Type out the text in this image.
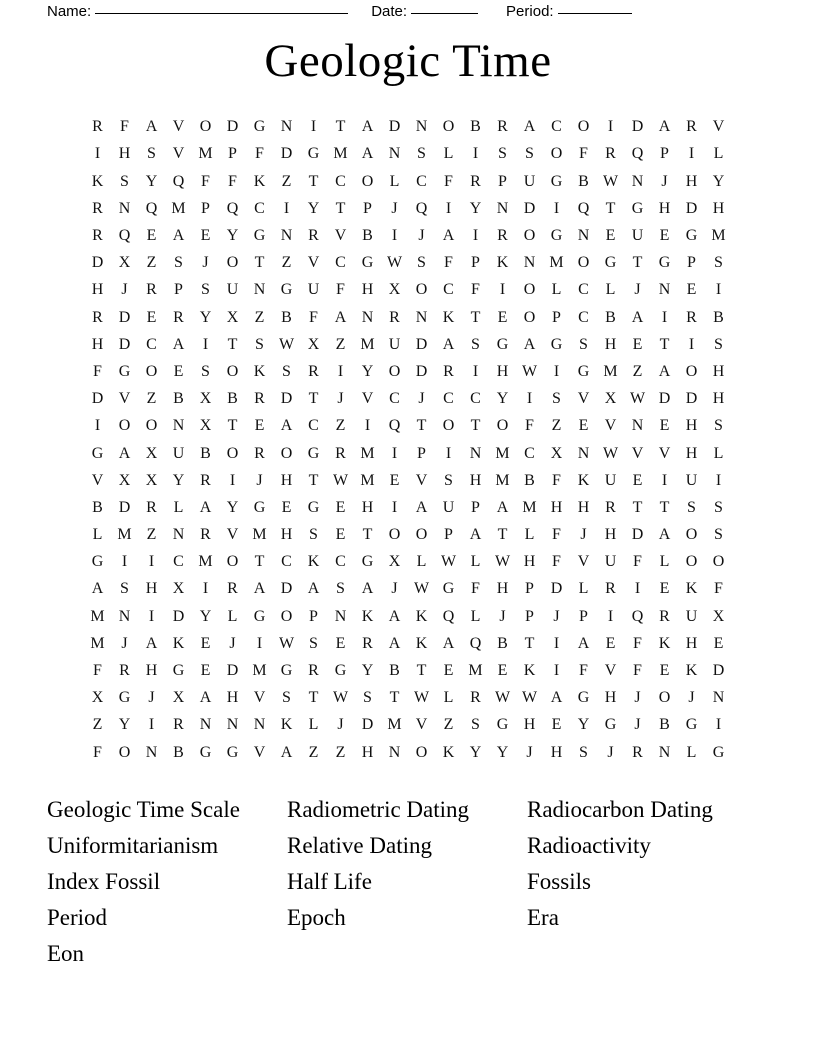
Name:	Date:	Period:
Geologic Time
R	F	A V O D G N	I	T	A D N O B	R A C O	I	D A R V
I	H	S	V M P	F	D G M A N	S	L	I	S	S	O	F	R Q	P	I	L
K	S	Y Q	F	F	K	Z	T	C O	L	C	F	R	P	U G B W N	J	H Y
R N Q M P	Q C	I	Y	T	P	J	Q	I	Y N D	I	Q	T	G H D H
R Q	E	A	E	Y G N R V B	I	J	A	I	R O G N	E	U	E	G M
D X	Z	S	J	O	T	Z	V C G W S	F	P	K N M O G	T	G	P	S
H	J	R	P	S	U N G U	F	H X O C	F	I	O	L	C	L	J	N	E	I
R D	E	R Y X	Z	B	F	A N R N K	T	E	O	P	C	B A	I	R	B
H D C A	I	T	S W X	Z M U D A	S	G A G	S	H	E	T	I	S
F	G O	E	S	O K	S	R	I	Y O D R	I	H W	I	G M Z	A O H
D V	Z	B X B	R D	T	J	V C	J	C	C Y	I	S	V X W D D H
I	O O N X	T	E	A C	Z	I	Q	T	O	T	O	F	Z	E	V N	E	H	S
G A X U B O R O G R M	I	P	I	N M C X N W V V H	L
V X X Y R	I	J	H	T W M E	V	S	H M B	F	K U	E	I	U	I
B D R	L	A Y G	E	G	E	H	I	A U	P	A M H H R	T	T	S	S
L M Z	N R V M H	S	E	T	O O	P	A	T	L	F	J	H D A O	S
G	I	I	C M O	T	C K C G X	L W L W H	F	V U	F	L	O O
A	S	H X	I	R A D A	S	A	J	W G	F	H	P	D	L	R	I	E	K	F
M N	I	D Y	L	G O	P	N K A K Q	L	J	P	J	P	I	Q R U X
M	J	A K	E	J	I	W S	E	R A K A Q B	T	I	A	E	F	K H	E
F	R H G	E	D M G R G Y B	T	E M E	K	I	F	V	F	E	K D
X G	J	X A H V	S	T W S	T W L	R W W A G H	J	O	J	N
Z	Y	I	R N N N K	L	J	D M V	Z	S	G H	E	Y G	J	B G	I
F	O N B G G V A	Z	Z	H N O K Y Y	J	H	S	J	R N	L	G
Geologic Time Scale
Uniformitarianism
Index Fossil
Period
Eon
Radiometric Dating
Relative Dating
Half Life
Epoch
Radiocarbon Dating
Radioactivity
Fossils
Era
